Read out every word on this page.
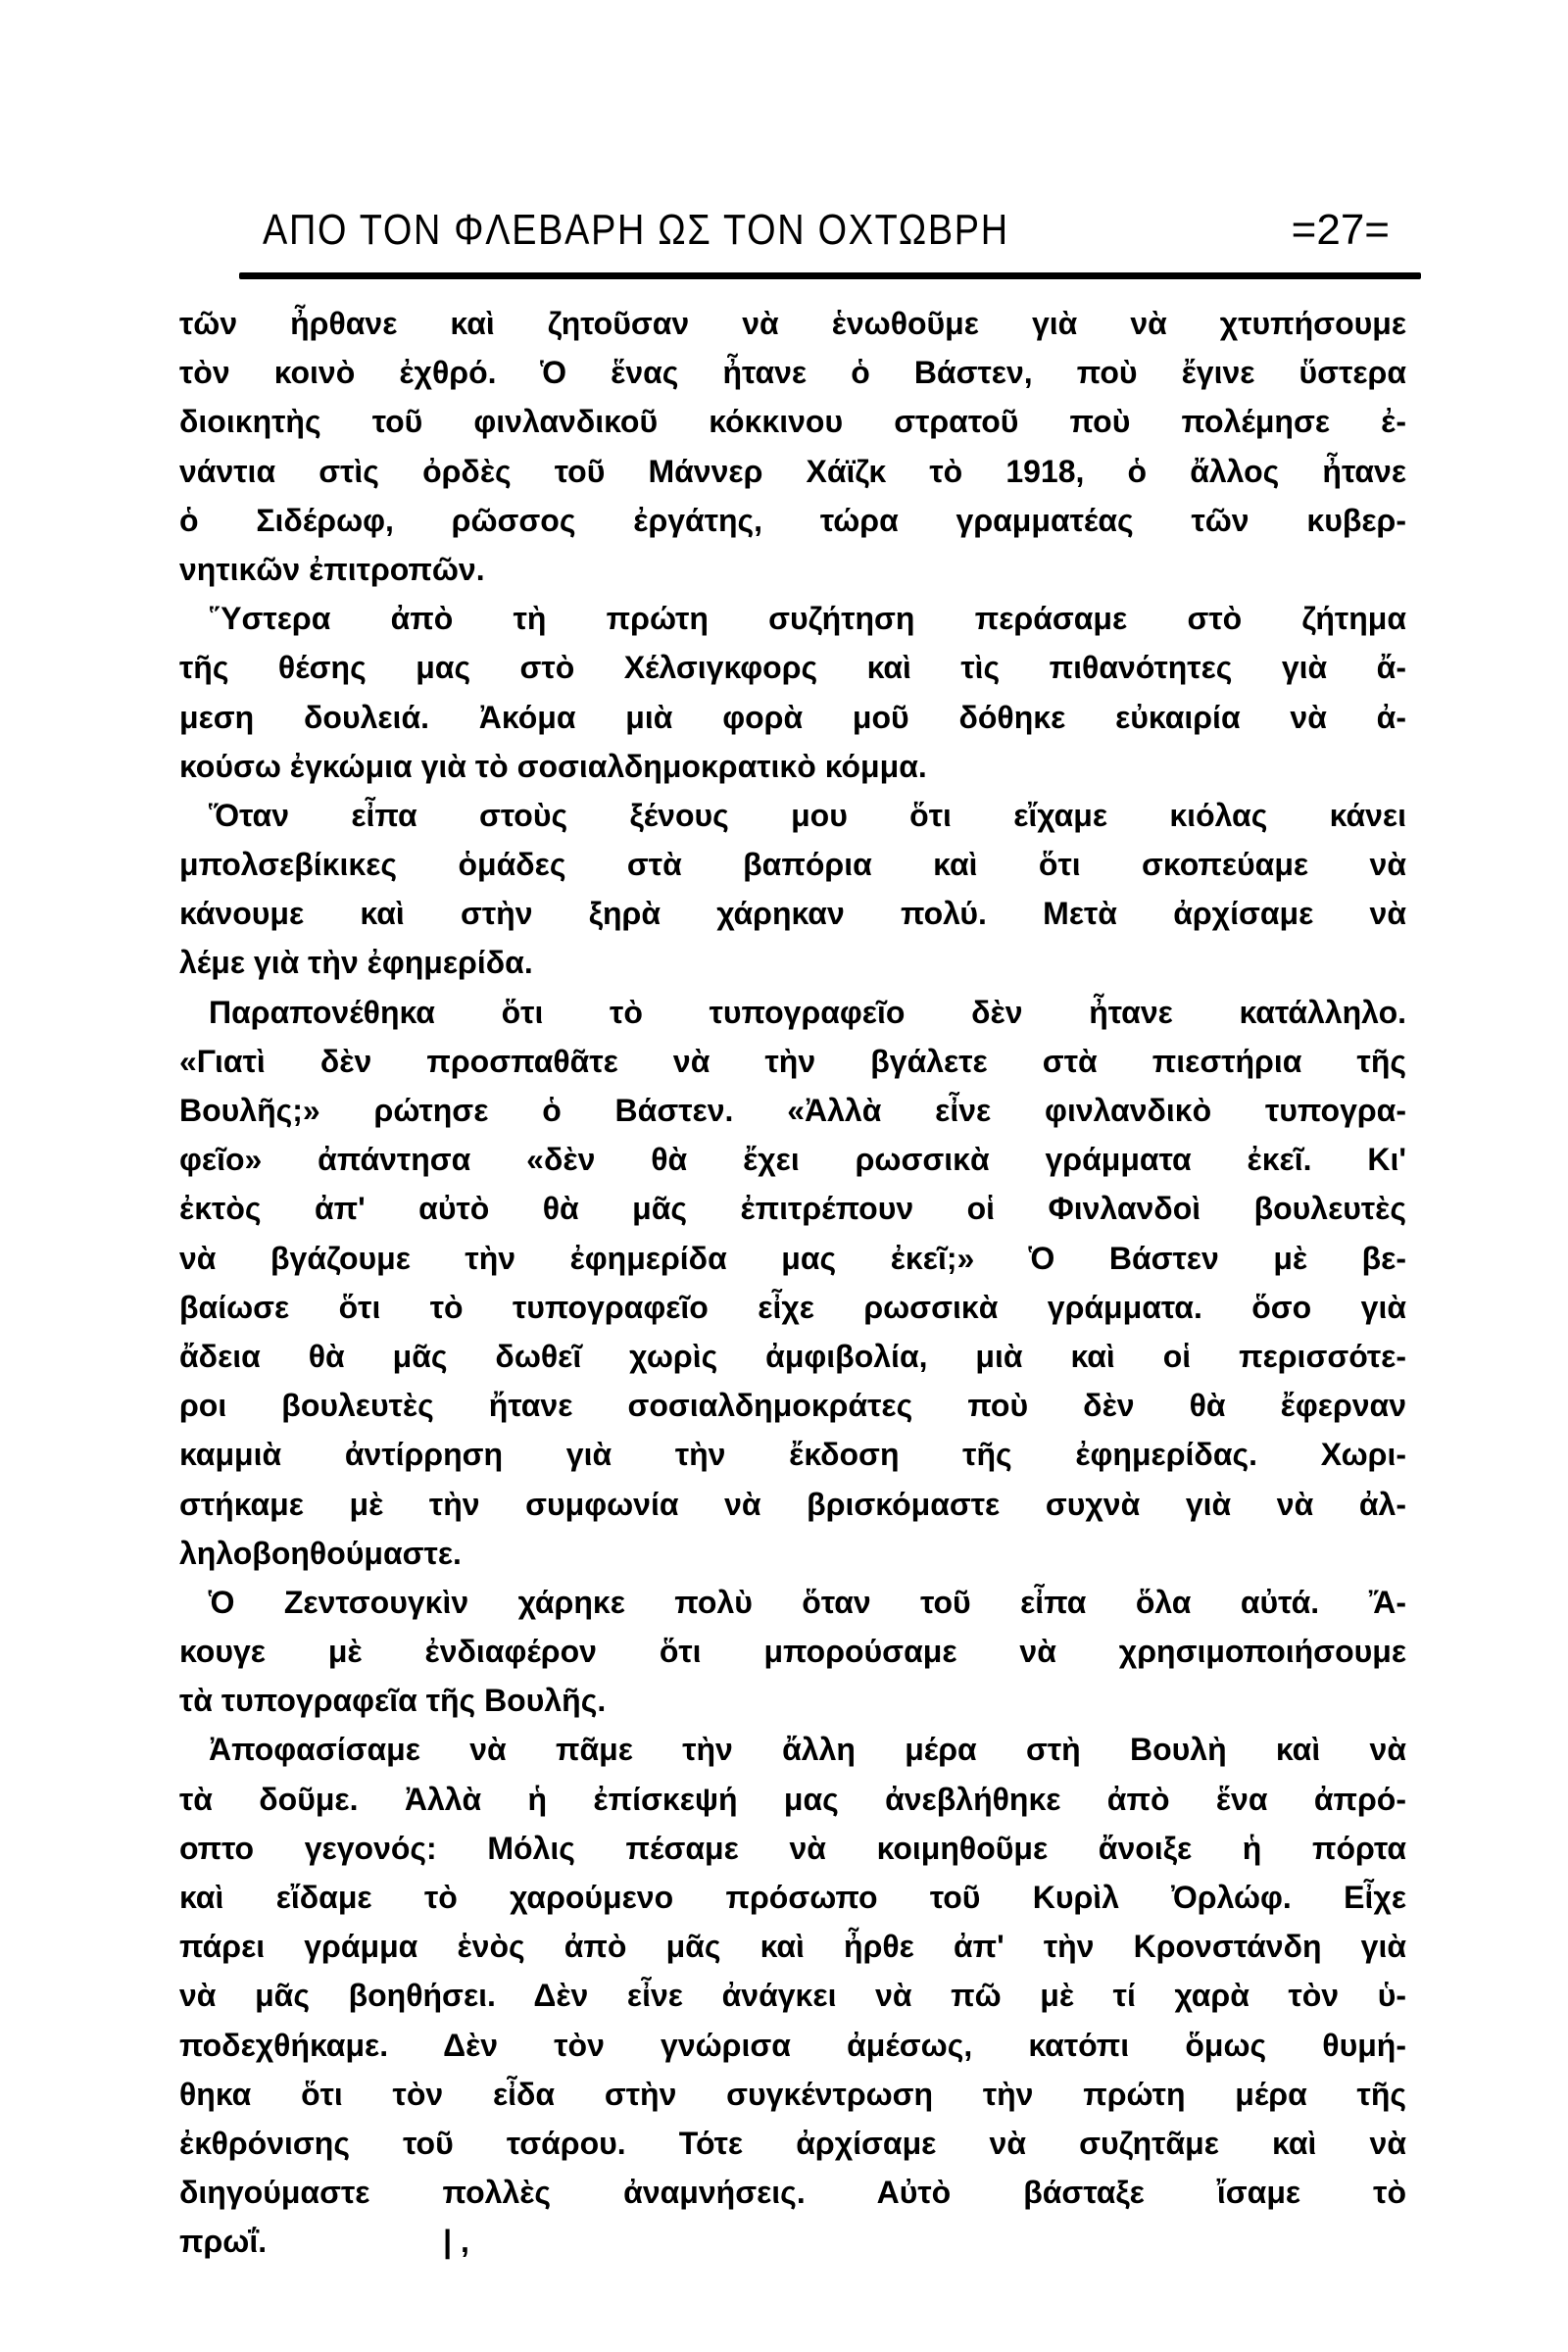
ΑΠΟ ΤΟΝ ΦΛΕΒΑΡΗ ΩΣ ΤΟΝ ΟΧΤΩΒΡΗ	=27=
τῶν ἦρθανε καὶ ζητοῦσαν νὰ ἑνωθοῦμε γιὰ νὰ χτυπήσουμε
τὸν κοινὸ ἐχθρό. Ὁ ἕνας ἦτανε ὁ Βάστεν, ποὺ ἔγινε ὕστερα
διοικητὴς τοῦ φινλανδικοῦ κόκκινου στρατοῦ ποὺ πολέμησε ἐ-
νάντια στὶς ὀρδὲς τοῦ Μάννερ Χάϊζκ τὸ 1918, ὁ ἄλλος ἦτανε
ὁ Σιδέρωφ, ρῶσσος ἐργάτης, τώρα γραμματέας τῶν κυβερ-
νητικῶν ἐπιτροπῶν.
Ὕστερα ἀπὸ τὴ πρώτη συζήτηση περάσαμε στὸ ζήτημα
τῆς θέσης μας στὸ Χέλσιγκφορς καὶ τὶς πιθανότητες γιὰ ἄ-
μεση δουλειά. Ἀκόμα μιὰ φορὰ μοῦ δόθηκε εὐκαιρία νὰ ἀ-
κούσω ἐγκώμια γιὰ τὸ σοσιαλδημοκρατικὸ κόμμα.
Ὅταν εἶπα στοὺς ξένους μου ὅτι εἴχαμε κιόλας κάνει
μπολσεβίκικες ὁμάδες στὰ βαπόρια καὶ ὅτι σκοπεύαμε νὰ
κάνουμε καὶ στὴν ξηρὰ χάρηκαν πολύ. Μετὰ ἀρχίσαμε νὰ
λέμε γιὰ τὴν ἐφημερίδα.
Παραπονέθηκα ὅτι τὸ τυπογραφεῖο δὲν ἦτανε κατάλληλο.
«Γιατὶ δὲν προσπαθᾶτε νὰ τὴν βγάλετε στὰ πιεστήρια τῆς
Βουλῆς;» ρώτησε ὁ Βάστεν. «Ἀλλὰ εἶνε φινλανδικὸ τυπογρα-
φεῖο» ἀπάντησα «δὲν θὰ ἔχει ρωσσικὰ γράμματα ἐκεῖ. Κι'
ἐκτὸς ἀπ' αὐτὸ θὰ μᾶς ἐπιτρέπουν οἱ Φινλανδοὶ βουλευτὲς
νὰ βγάζουμε τὴν ἐφημερίδα μας ἐκεῖ;» Ὁ Βάστεν μὲ βε-
βαίωσε ὅτι τὸ τυπογραφεῖο εἶχε ρωσσικὰ γράμματα. ὅσο γιὰ
ἄδεια θὰ μᾶς δωθεῖ χωρὶς ἀμφιβολία, μιὰ καὶ οἱ περισσότε-
ροι βουλευτὲς ἤτανε σοσιαλδημοκράτες ποὺ δὲν θὰ ἔφερναν
καμμιὰ ἀντίρρηση γιὰ τὴν ἔκδοση τῆς ἐφημερίδας. Χωρι-
στήκαμε μὲ τὴν συμφωνία νὰ βρισκόμαστε συχνὰ γιὰ νὰ ἀλ-
ληλοβοηθούμαστε.
Ὁ Ζεντσουγκὶν χάρηκε πολὺ ὅταν τοῦ εἶπα ὅλα αὐτά. Ἄ-
κουγε μὲ ἐνδιαφέρον ὅτι μπορούσαμε νὰ χρησιμοποιήσουμε
τὰ τυπογραφεῖα τῆς Βουλῆς.
Ἀποφασίσαμε νὰ πᾶμε τὴν ἄλλη μέρα στὴ Βουλὴ καὶ νὰ
τὰ δοῦμε. Ἀλλὰ ἡ ἐπίσκεψή μας ἀνεβλήθηκε ἀπὸ ἕνα ἀπρό-
οπτο γεγονός: Μόλις πέσαμε νὰ κοιμηθοῦμε ἄνοιξε ἡ πόρτα
καὶ εἴδαμε τὸ χαρούμενο πρόσωπο τοῦ Κυρὶλ Ὀρλώφ. Εἶχε
πάρει γράμμα ἑνὸς ἀπὸ μᾶς καὶ ἦρθε ἀπ' τὴν Κρονστάνδη γιὰ
νὰ μᾶς βοηθήσει. Δὲν εἶνε ἀνάγκει νὰ πῶ μὲ τί χαρὰ τὸν ὑ-
ποδεχθήκαμε. Δὲν τὸν γνώρισα ἀμέσως, κατόπι ὅμως θυμή-
θηκα ὅτι τὸν εἶδα στὴν συγκέντρωση τὴν πρώτη μέρα τῆς
ἐκθρόνισης τοῦ τσάρου. Τότε ἀρχίσαμε νὰ συζητᾶμε καὶ νὰ
διηγούμαστε πολλὲς ἀναμνήσεις. Αὐτὸ βάσταξε ἴσαμε τὸ
πρωΐ.	| ,
